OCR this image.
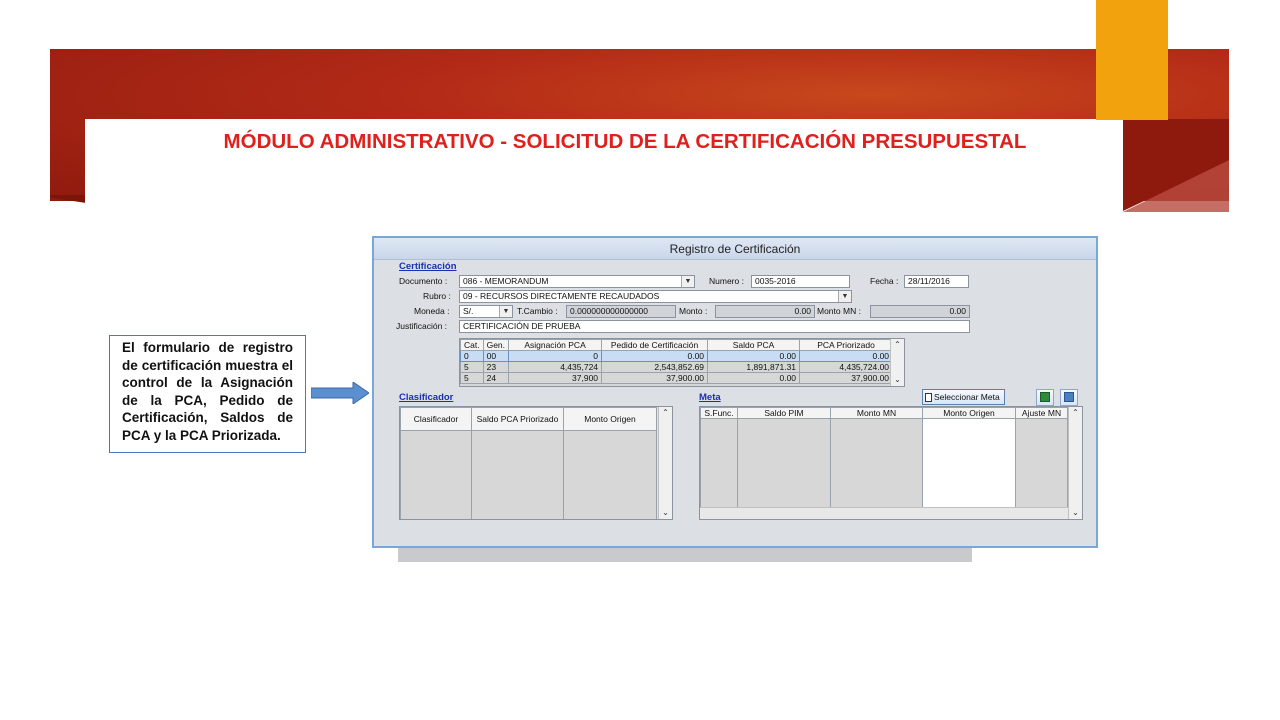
MÓDULO ADMINISTRATIVO - SOLICITUD DE LA CERTIFICACIÓN PRESUPUESTAL
El formulario de registro de certificación muestra el control de la Asignación de la PCA, Pedido de Certificación, Saldos de PCA y la PCA Priorizada.
Registro de Certificación
Certificación
Documento :	086 - MEMORANDUM	▼ Numero :	0035-2016	Fecha :	28/11/2016
Rubro :	09 - RECURSOS DIRECTAMENTE RECAUDADOS	▼
Moneda :	S/.	▼ T.Cambio :	0.000000000000000	Monto :	0.00 Monto MN :	0.00
Justificación :	CERTIFICACIÓN DE PRUEBA
Cat.	Gen.	Asignación PCA	Pedido de Certificación	Saldo PCA	PCA Priorizado
0	00	0	0.00	0.00	0.00
5	23	4,435,724	2,543,852.69	1,891,871.31	4,435,724.00
5	24	37,900	37,900.00	0.00	37,900.00
⌃
⌄
Clasificador
Clasificador	Saldo PCA Priorizado	Monto Origen
⌃
⌄
Meta	Seleccionar Meta
S.Func.	Saldo PIM	Monto MN	Monto Origen	Ajuste MN	⌃
⌄
